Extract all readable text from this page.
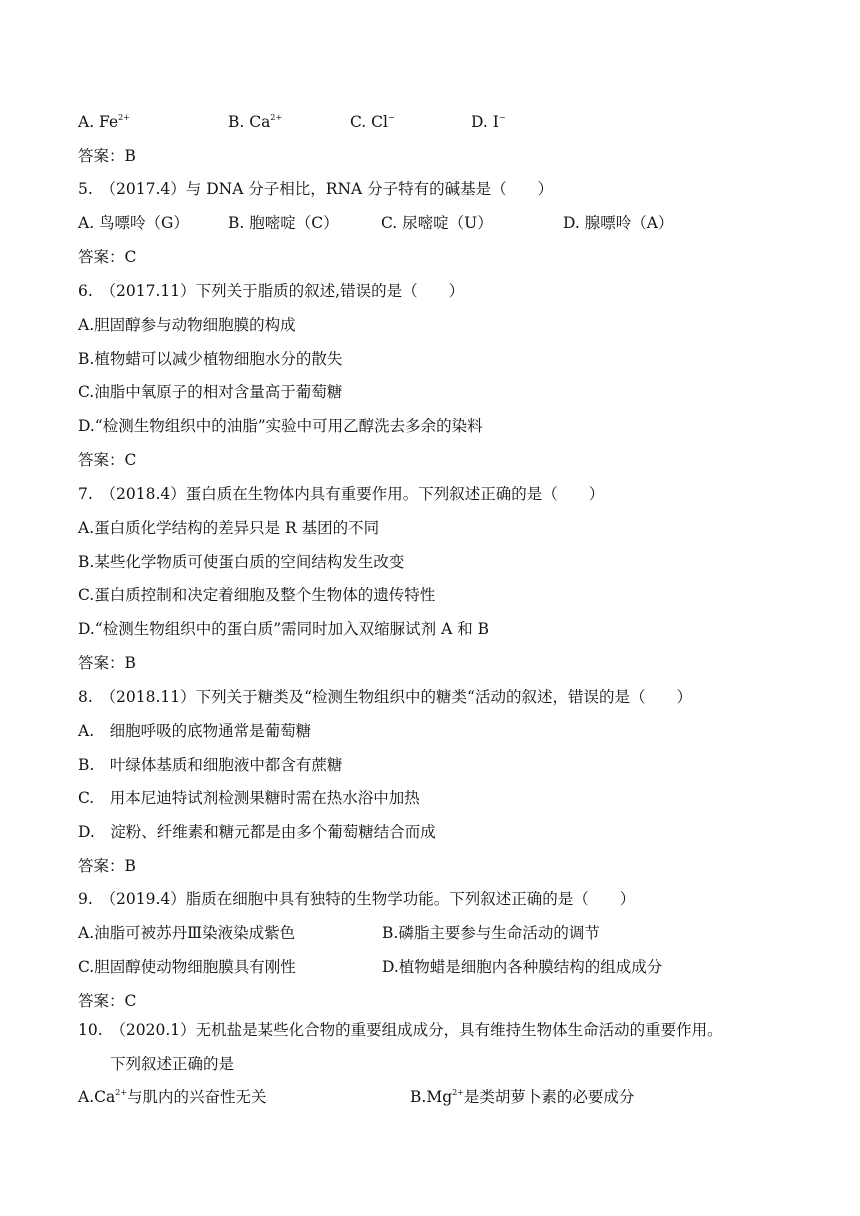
A. $Fe^{2+}$	B. $Ca^{2+}$	C. Cl−	D. I−
答案：B
5.　（2017.4）与 DNA 分子相比，RNA 分子特有的碱基是（　　）
A. 鸟嘌呤（G）	B. 胞嘧啶（C）	C. 尿嘧啶（U）	D. 腺嘌呤（A）
答案：C
6.　（2017.11）下列关于脂质的叙述,错误的是（　　）
A.胆固醇参与动物细胞膜的构成
B.植物蜡可以减少植物细胞水分的散失
C.油脂中氧原子的相对含量高于葡萄糖
D.“检测生物组织中的油脂”实验中可用乙醇洗去多余的染料
答案：C
7.　（2018.4）蛋白质在生物体内具有重要作用。下列叙述正确的是（　　）
A.蛋白质化学结构的差异只是 R 基团的不同
B.某些化学物质可使蛋白质的空间结构发生改变
C.蛋白质控制和决定着细胞及整个生物体的遗传特性
D.“检测生物组织中的蛋白质”需同时加入双缩脲试剂 A 和 B
答案：B
8.　（2018.11）下列关于糖类及“检测生物组织中的糖类“活动的叙述，错误的是（　　）
A.　细胞呼吸的底物通常是葡萄糖
B.　叶绿体基质和细胞液中都含有蔗糖
C.　用本尼迪特试剂检测果糖时需在热水浴中加热
D.　淀粉、纤维素和糖元都是由多个葡萄糖结合而成
答案：B
9.　（2019.4）脂质在细胞中具有独特的生物学功能。下列叙述正确的是（　　）
A.油脂可被苏丹Ⅲ染液染成紫色	B.磷脂主要参与生命活动的调节
C.胆固醇使动物细胞膜具有刚性	D.植物蜡是细胞内各种膜结构的组成成分
答案：C
10.　（2020.1）无机盐是某些化合物的重要组成成分，具有维持生物体生命活动的重要作用。
下列叙述正确的是
$A.Ca^{2+}$与肌内的兴奋性无关	$B.Mg^{2+}$是类胡萝卜素的必要成分
